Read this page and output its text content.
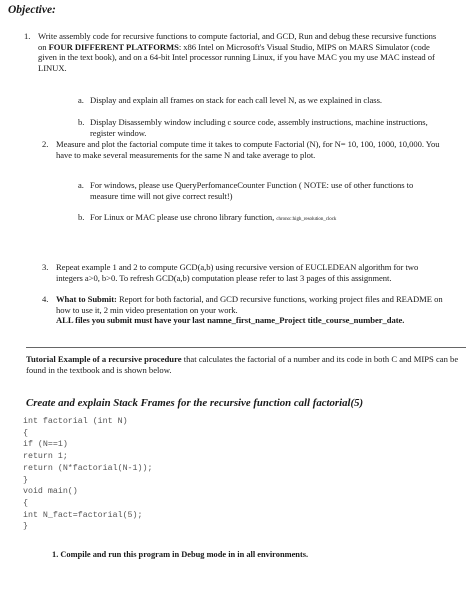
Objective:
1. Write assembly code for recursive functions to compute factorial, and GCD, Run and debug these recursive functions on FOUR DIFFERENT PLATFORMS: x86 Intel on Microsoft's Visual Studio, MIPS on MARS Simulator (code given in the text book), and on a 64-bit Intel processor running Linux, if you have MAC you my use MAC instead of LINUX.
a. Display and explain all frames on stack for each call level N, as we explained in class.
b. Display Disassembly window including c source code, assembly instructions, machine instructions, register window.
2. Measure and plot the factorial compute time it takes to compute Factorial (N), for N= 10, 100, 1000, 10,000. You have to make several measurements for the same N and take average to plot.
a. For windows, please use QueryPerfomanceCounter Function ( NOTE: use of other functions to measure time will not give correct result!)
b. For Linux or MAC please use chrono library function, chrono::high_resolution_clock
3. Repeat example 1 and 2 to compute GCD(a,b) using recursive version of EUCLEDEAN algorithm for two integers a>0, b>0. To refresh GCD(a,b) computation please refer to last 3 pages of this assignment.
4. What to Submit: Report for both factorial, and GCD recursive functions, working project files and README on how to use it, 2 min video presentation on your work.
ALL files you submit must have your last namne_first_name_Project title_course_number_date.
Tutorial Example of a recursive procedure that calculates the factorial of a number and its code in both C and MIPS can be found in the textbook and is shown below.
Create and explain Stack Frames for the recursive function call factorial(5)
int factorial (int N)
{
if (N==1)
return 1;
return (N*factorial(N-1));
}
void main()
{
int N_fact=factorial(5);
}
1. Compile and run this program in Debug mode in in all environments.
